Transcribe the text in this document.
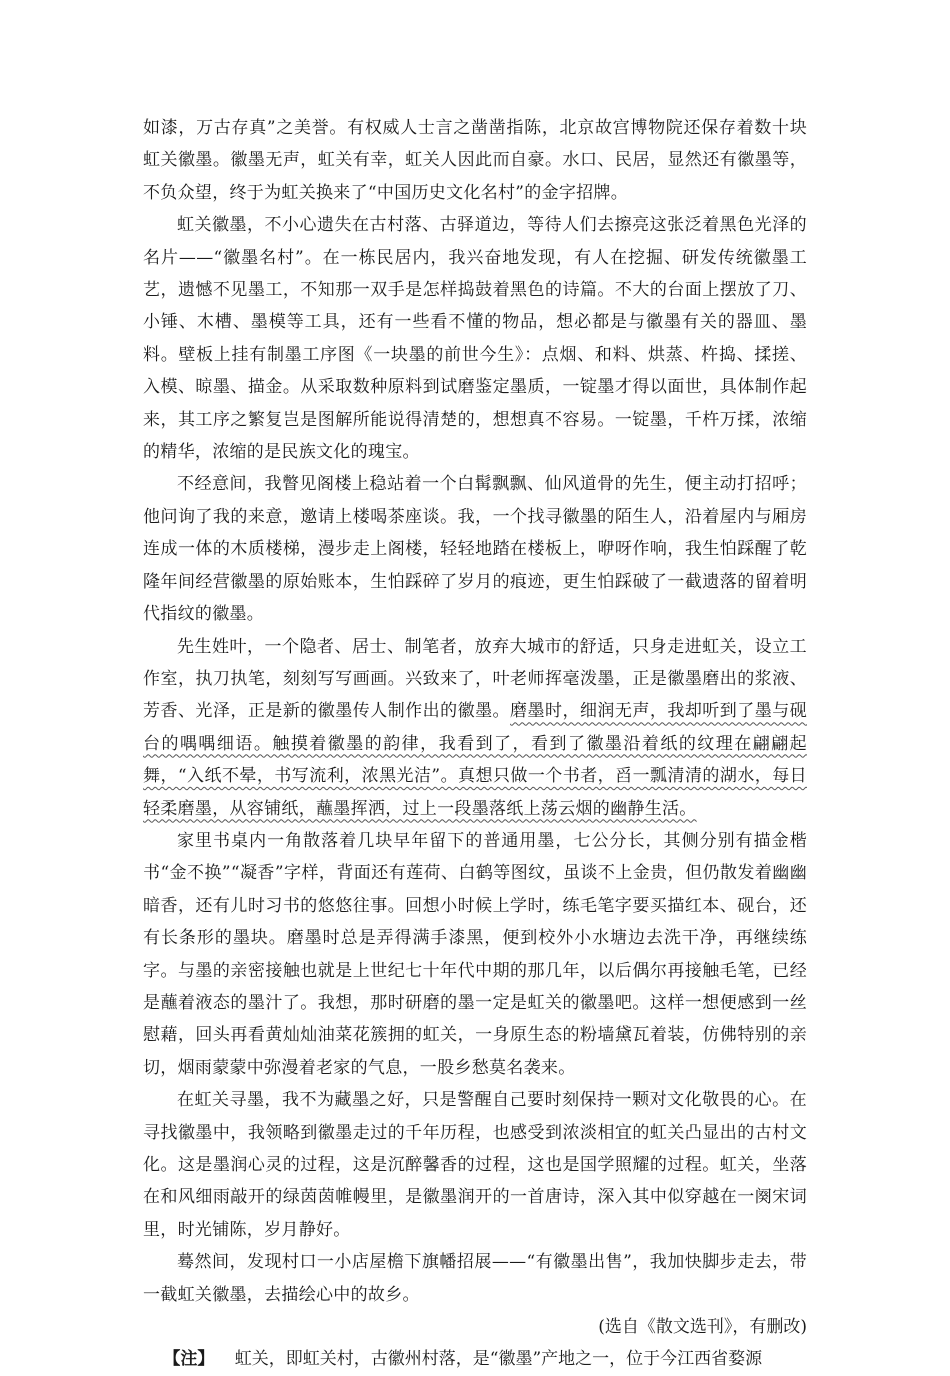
如漆，万古存真”之美誉。有权威人士言之凿凿指陈，北京故宫博物院还保存着数十块虹关徽墨。徽墨无声，虹关有幸，虹关人因此而自豪。水口、民居，显然还有徽墨等，不负众望，终于为虹关换来了“中国历史文化名村”的金字招牌。

虹关徽墨，不小心遗失在古村落、古驿道边，等待人们去擦亮这张泛着黑色光泽的名片——“徽墨名村”。在一栋民居内，我兴奋地发现，有人在挖掘、研发传统徽墨工艺，遗憾不见墨工，不知那一双手是怎样捣鼓着黑色的诗篇。不大的台面上摆放了刀、小锤、木槽、墨模等工具，还有一些看不懂的物品，想必都是与徽墨有关的器皿、墨料。壁板上挂有制墨工序图《一块墨的前世今生》：点烟、和料、烘蒸、杵捣、揉搓、入模、晾墨、描金。从采取数种原料到试磨鉴定墨质，一锭墨才得以面世，具体制作起来，其工序之繁复岂是图解所能说得清楚的，想想真不容易。一锭墨，千杵万揉，浓缩的精华，浓缩的是民族文化的瑰宝。

不经意间，我瞥见阁楼上稳站着一个白髯飘飘、仙风道骨的先生，便主动打招呼；他问询了我的来意，邀请上楼喝茶座谈。我，一个找寻徽墨的陌生人，沿着屋内与厢房连成一体的木质楼梯，漫步走上阁楼，轻轻地踏在楼板上，咿呀作响，我生怕踩醒了乾隆年间经营徽墨的原始账本，生怕踩碎了岁月的痕迹，更生怕踩破了一截遗落的留着明代指纹的徽墨。

先生姓叶，一个隐者、居士、制笔者，放弃大城市的舒适，只身走进虹关，设立工作室，执刀执笔，刻刻写写画画。兴致来了，叶老师挥毫泼墨，正是徽墨磨出的浆液、芳香、光泽，正是新的徽墨传人制作出的徽墨。磨墨时，细润无声，我却听到了墨与砚台的喁喁细语。触摸着徽墨的韵律，我看到了，看到了徽墨沿着纸的纹理在翩翩起舞，“入纸不晕，书写流利，浓黑光洁”。真想只做一个书者，舀一瓢清清的湖水，每日轻柔磨墨，从容铺纸，蘸墨挥洒，过上一段墨落纸上荡云烟的幽静生活。

家里书桌内一角散落着几块早年留下的普通用墨，七公分长，其侧分别有描金楷书“金不换”“凝香”字样，背面还有莲荷、白鹤等图纹，虽谈不上金贵，但仍散发着幽幽暗香，还有儿时习书的悠悠往事。回想小时候上学时，练毛笔字要买描红本、砚台，还有长条形的墨块。磨墨时总是弄得满手漆黑，便到校外小水塘边去洗干净，再继续练字。与墨的亲密接触也就是上世纪七十年代中期的那几年，以后偶尔再接触毛笔，已经是蘸着液态的墨汁了。我想，那时研磨的墨一定是虹关的徽墨吧。这样一想便感到一丝慰藉，回头再看黄灿灿油菜花簇拥的虹关，一身原生态的粉墙黛瓦着装，仿佛特别的亲切，烟雨蒙蒙中弥漫着老家的气息，一股乡愁莫名袭来。

在虹关寻墨，我不为藏墨之好，只是警醒自己要时刻保持一颗对文化敬畏的心。在寻找徽墨中，我领略到徽墨走过的千年历程，也感受到浓淡相宜的虹关凸显出的古村文化。这是墨润心灵的过程，这是沉醉馨香的过程，这也是国学照耀的过程。虹关，坐落在和风细雨敲开的绿茵茵帷幔里，是徽墨润开的一首唐诗，深入其中似穿越在一阕宋词里，时光铺陈，岁月静好。

蓦然间，发现村口一小店屋檐下旗幡招展——“有徽墨出售”，我加快脚步走去，带一截虹关徽墨，去描绘心中的故乡。

(选自《散文选刊》，有删改)

【注】 虹关，即虹关村，古徽州村落，是“徽墨”产地之一，位于今江西省婺源
